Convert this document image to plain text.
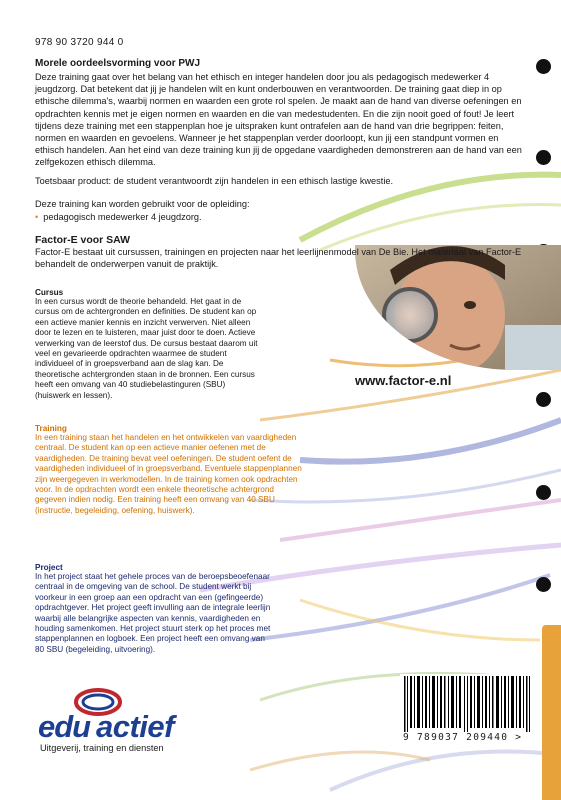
978 90 3720 944 0
Morele oordeelsvorming voor PWJ
Deze training gaat over het belang van het ethisch en integer handelen door jou als pedagogisch medewerker 4 jeugdzorg. Dat betekent dat jij je handelen wilt en kunt onderbouwen en verantwoorden. De training gaat diep in op ethische dilemma's, waarbij normen en waarden een grote rol spelen. Je maakt aan de hand van diverse oefeningen en opdrachten kennis met je eigen normen en waarden en die van medestudenten. En die zijn nooit goed of fout! Je leert tijdens deze training met een stappenplan hoe je uitspraken kunt ontrafelen aan de hand van drie begrippen: feiten, normen en waarden en gevoelens. Wanneer je het stappenplan verder doorloopt, kun jij een standpunt vormen en ethisch handelen. Aan het eind van deze training kun jij de opgedane vaardigheden demonstreren aan de hand van een zelfgekozen ethisch dilemma.
Toetsbaar product: de student verantwoordt zijn handelen in een ethisch lastige kwestie.
Deze training kan worden gebruikt voor de opleiding:
• pedagogisch medewerker 4 jeugdzorg.
Factor-E voor SAW
Factor-E bestaat uit cursussen, trainingen en projecten naar het leerlijnenmodel van De Bie. Het materiaal van Factor-E behandelt de onderwerpen vanuit de praktijk.
Cursus
In een cursus wordt de theorie behandeld. Het gaat in de cursus om de achtergronden en definities. De student kan op een actieve manier kennis en inzicht verwerven. Niet alleen door te lezen en te luisteren, maar juist door te doen. Actieve verwerking van de leerstof dus. De cursus bestaat daarom uit veel en gevarieerde opdrachten waarmee de student individueel of in groepsverband aan de slag kan. De theoretische achtergronden staan in de bronnen. Een cursus heeft een omvang van 40 studiebelastinguren (SBU) (huiswerk en lessen).
www.factor-e.nl
Training
In een training staan het handelen en het ontwikkelen van vaardigheden centraal. De student kan op een actieve manier oefenen met de vaardigheden. De training bevat veel oefeningen. De student oefent de vaardigheden individueel of in groepsverband. Eventuele stappenplannen zijn weergegeven in werkmodellen. In de training komen ook opdrachten voor. In de opdrachten wordt een enkele theoretische achtergrond gegeven indien nodig. Een training heeft een omvang van 40 SBU (instructie, begeleiding, oefening, huiswerk).
Project
In het project staat het gehele proces van de beroepsbeoefenaar centraal in de omgeving van de school. De student werkt bij voorkeur in een groep aan een opdracht van een (gefingeerde) opdrachtgever. Het project geeft invulling aan de integrale leerlijn waarbij alle belangrijke aspecten van kennis, vaardigheden en houding samenkomen. Het project stuurt sterk op het proces met stappenplannen en logboek. Een project heeft een omvang van 80 SBU (begeleiding, uitvoering).
edu actief
Uitgeverij, training en diensten
9 789037 209440 >
